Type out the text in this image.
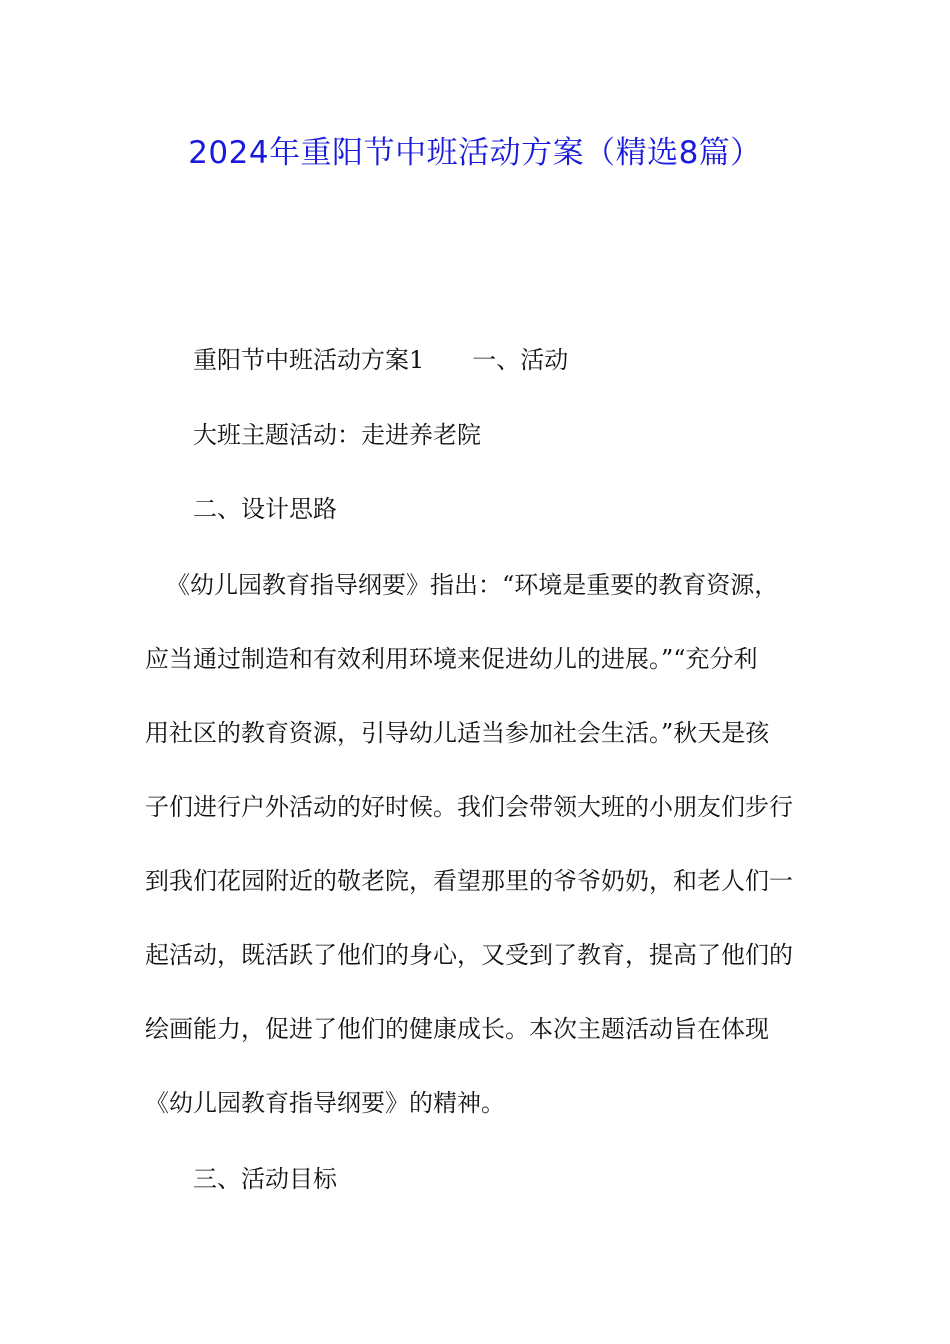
2024年重阳节中班活动方案（精选8篇）
重阳节中班活动方案1 一、活动
大班主题活动：走进养老院
二、设计思路
《幼儿园教育指导纲要》指出：“环境是重要的教育资源，
应当通过制造和有效利用环境来促进幼儿的进展。”“充分利
用社区的教育资源，引导幼儿适当参加社会生活。”秋天是孩
子们进行户外活动的好时候。我们会带领大班的小朋友们步行
到我们花园附近的敬老院，看望那里的爷爷奶奶，和老人们一
起活动，既活跃了他们的身心，又受到了教育，提高了他们的
绘画能力，促进了他们的健康成长。本次主题活动旨在体现
《幼儿园教育指导纲要》的精神。
三、活动目标
